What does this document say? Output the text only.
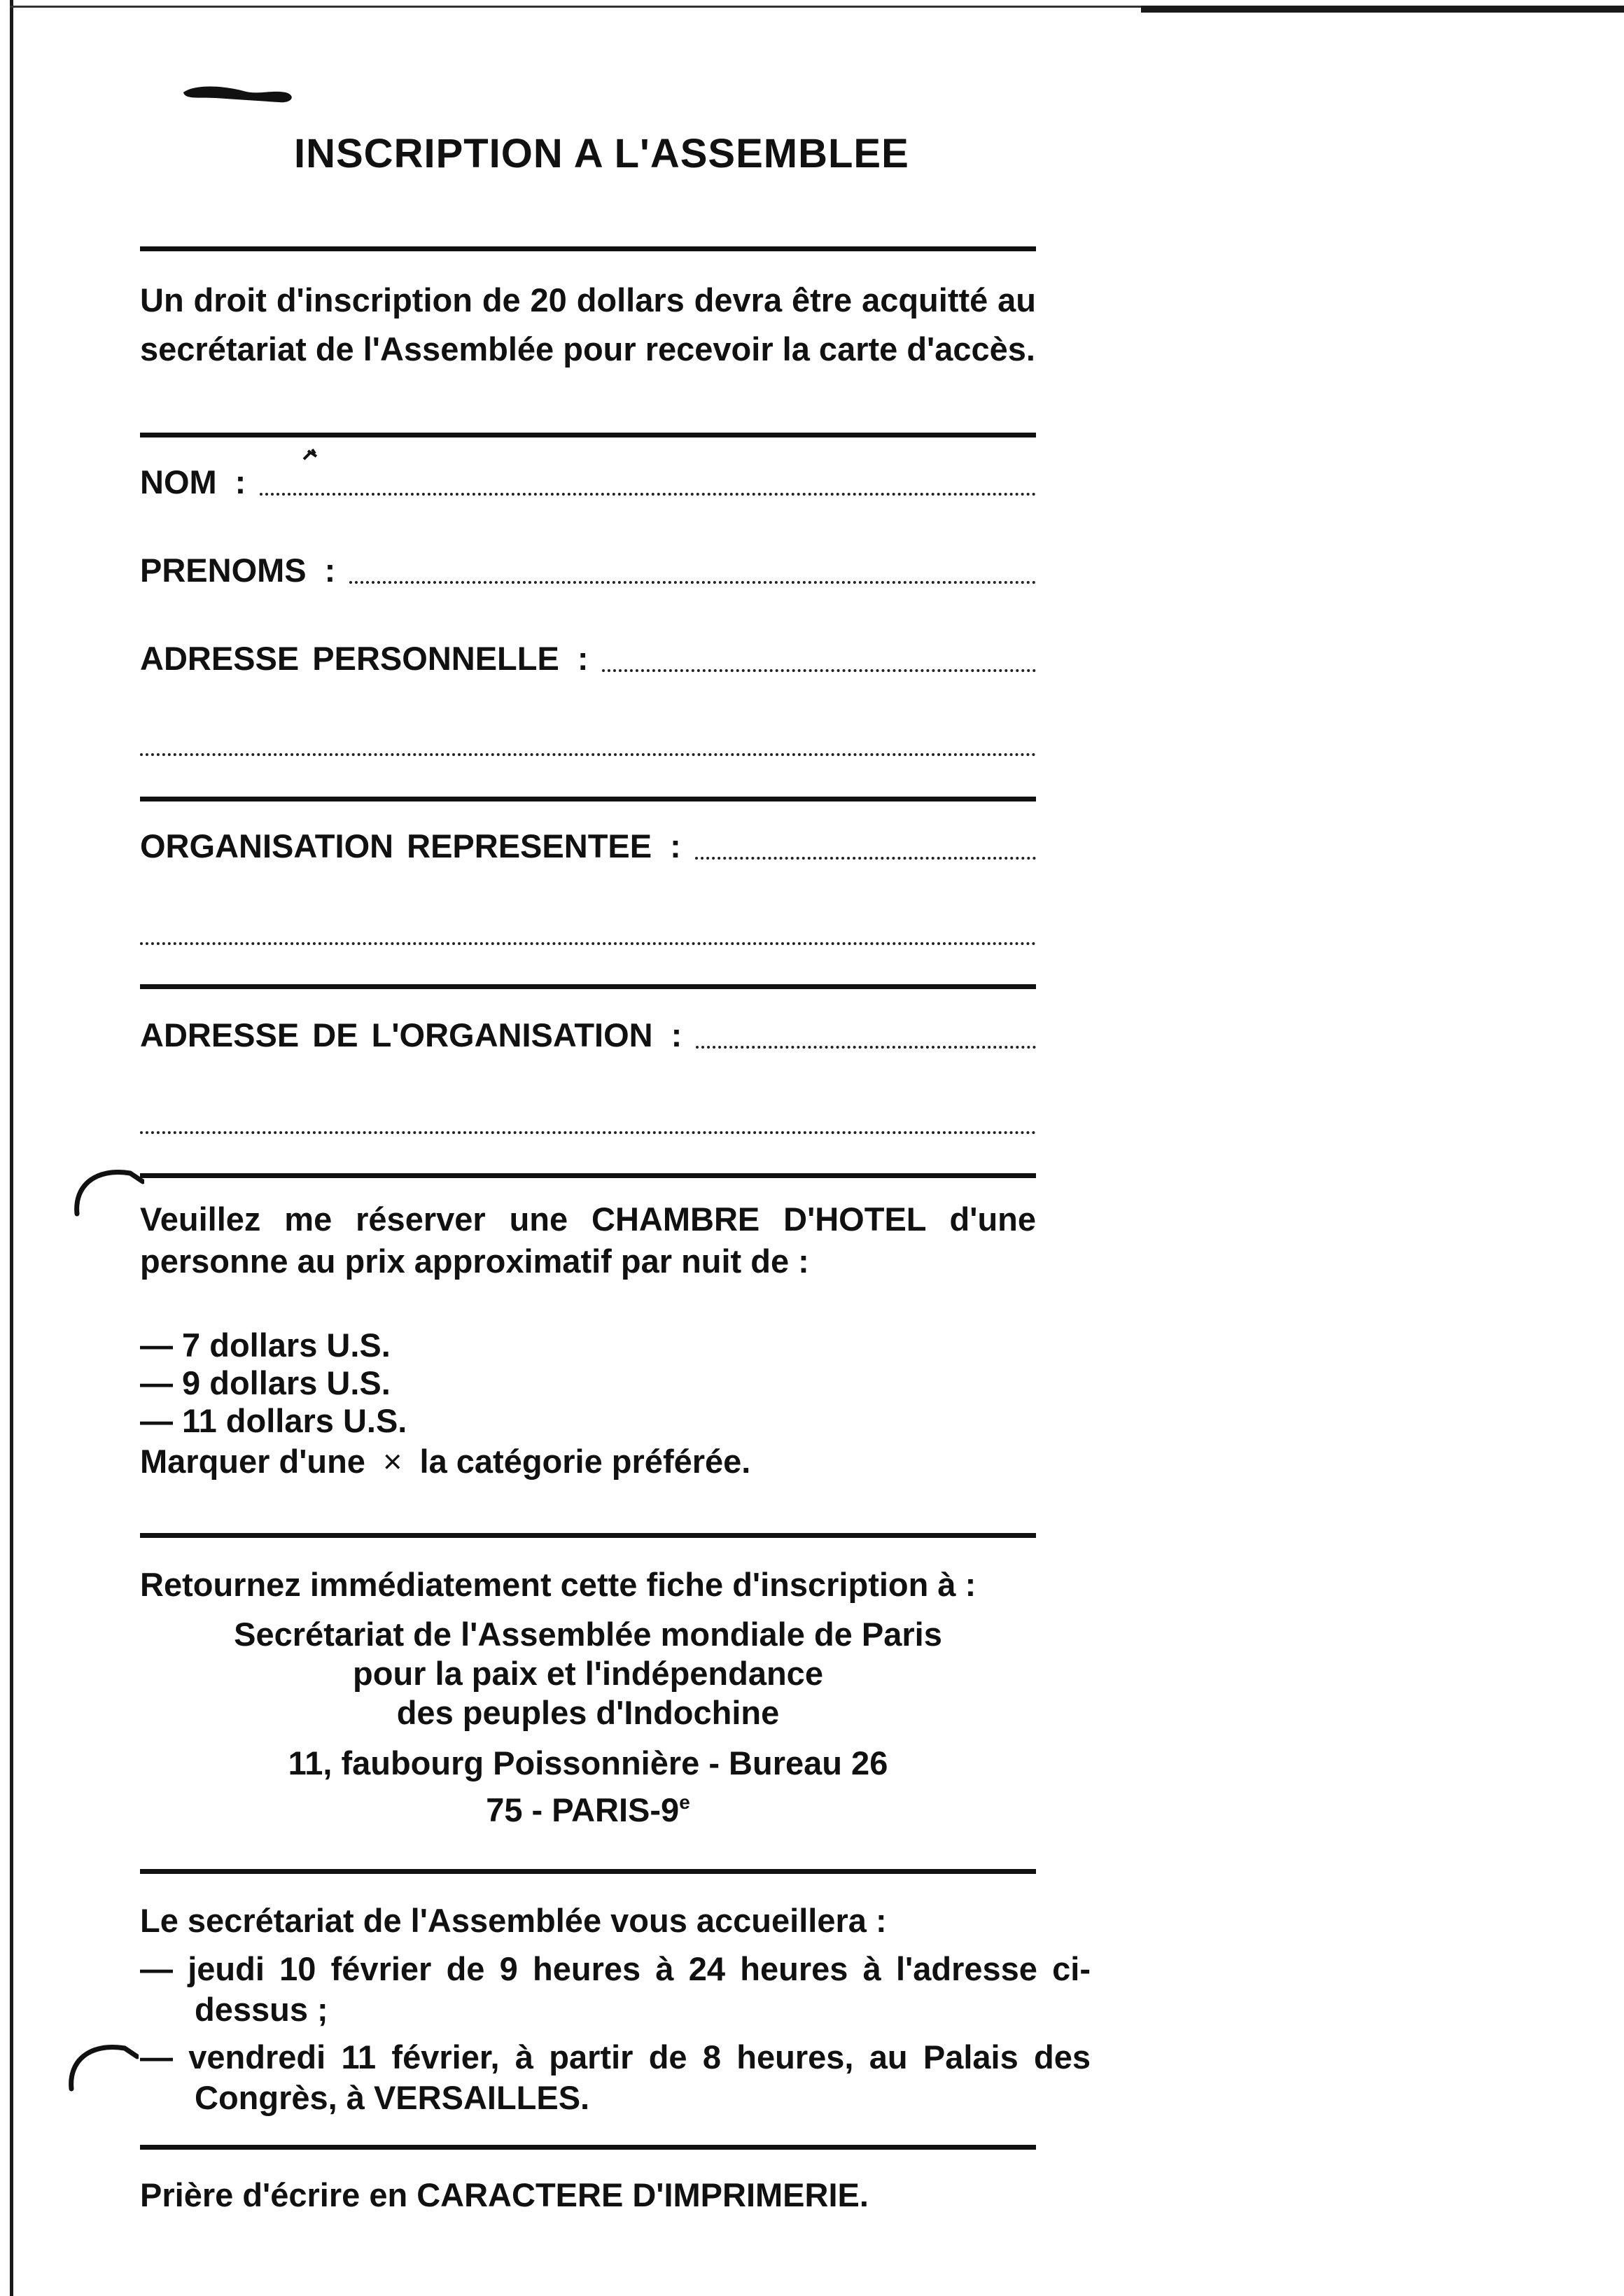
INSCRIPTION A L'ASSEMBLEE
Un droit d'inscription de 20 dollars devra être acquitté au secrétariat de l'Assemblée pour recevoir la carte d'accès.
NOM :
PRENOMS :
ADRESSE PERSONNELLE :
ORGANISATION REPRESENTEE :
ADRESSE DE L'ORGANISATION :
Veuillez me réserver une CHAMBRE D'HOTEL d'une personne au prix approximatif par nuit de :
— 7 dollars U.S.
— 9 dollars U.S.
— 11 dollars U.S.
Marquer d'une × la catégorie préférée.
Retournez immédiatement cette fiche d'inscription à :
Secrétariat de l'Assemblée mondiale de Paris
pour la paix et l'indépendance
des peuples d'Indochine
11, faubourg Poissonnière - Bureau 26
75 - PARIS-9e
Le secrétariat de l'Assemblée vous accueillera :
— jeudi 10 février de 9 heures à 24 heures à l'adresse ci-dessus ;
— vendredi 11 février, à partir de 8 heures, au Palais des Congrès, à VERSAILLES.
Prière d'écrire en CARACTERE D'IMPRIMERIE.
